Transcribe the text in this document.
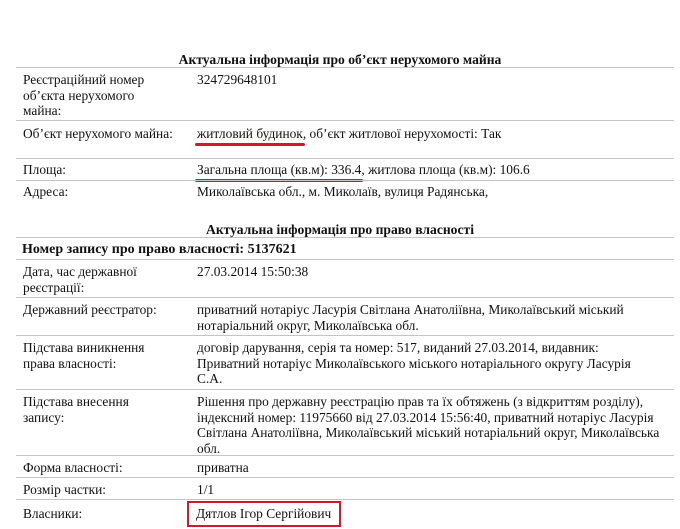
Актуальна інформація про об’єкт нерухомого майна
Реєстраційний номер об’єкта нерухомого майна:
324729648101
Об’єкт нерухомого майна: житловий будинок, об’єкт житлової нерухомості: Так
Площа:	Загальна площа (кв.м): 336.4, житлова площа (кв.м): 106.6
Адреса:	Миколаївська обл., м. Миколаїв, вулиця Радянська,
Актуальна інформація про право власності
Номер запису про право власності: 5137621
Дата, час державної реєстрації:
27.03.2014 15:50:38
Державний реєстратор:	приватний нотаріус Ласурія Світлана Анатоліївна, Миколаївський міський нотаріальний округ, Миколаївська обл.
Підстава виникнення права власності:
договір дарування, серія та номер: 517, виданий 27.03.2014, видавник: Приватний нотаріус Миколаївського міського нотаріального округу Ласурія С.А.
Підстава внесення запису:
Рішення про державну реєстрацію прав та їх обтяжень (з відкриттям розділу), індексний номер: 11975660 від 27.03.2014 15:56:40, приватний нотаріус Ласурія Світлана Анатоліївна, Миколаївський міський нотаріальний округ, Миколаївська обл.
Форма власності:	приватна
Розмір частки:	1/1
Власники:	Дятлов Ігор Сергійович
